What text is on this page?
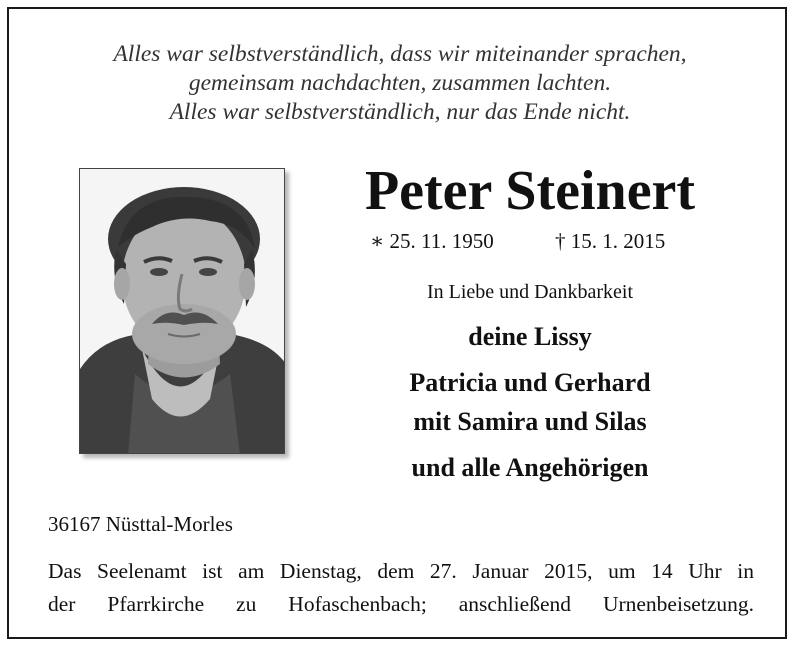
Alles war selbstverständlich, dass wir miteinander sprachen,
gemeinsam nachdachten, zusammen lachten.
Alles war selbstverständlich, nur das Ende nicht.
Peter Steinert
∗ 25. 11. 1950	† 15. 1. 2015
In Liebe und Dankbarkeit
deine Lissy
Patricia und Gerhard
mit Samira und Silas
und alle Angehörigen
36167 Nüsttal-Morles
Das Seelenamt ist am Dienstag, dem 27. Januar 2015, um 14 Uhr in
der Pfarrkirche zu Hofaschenbach; anschließend Urnenbeisetzung.
